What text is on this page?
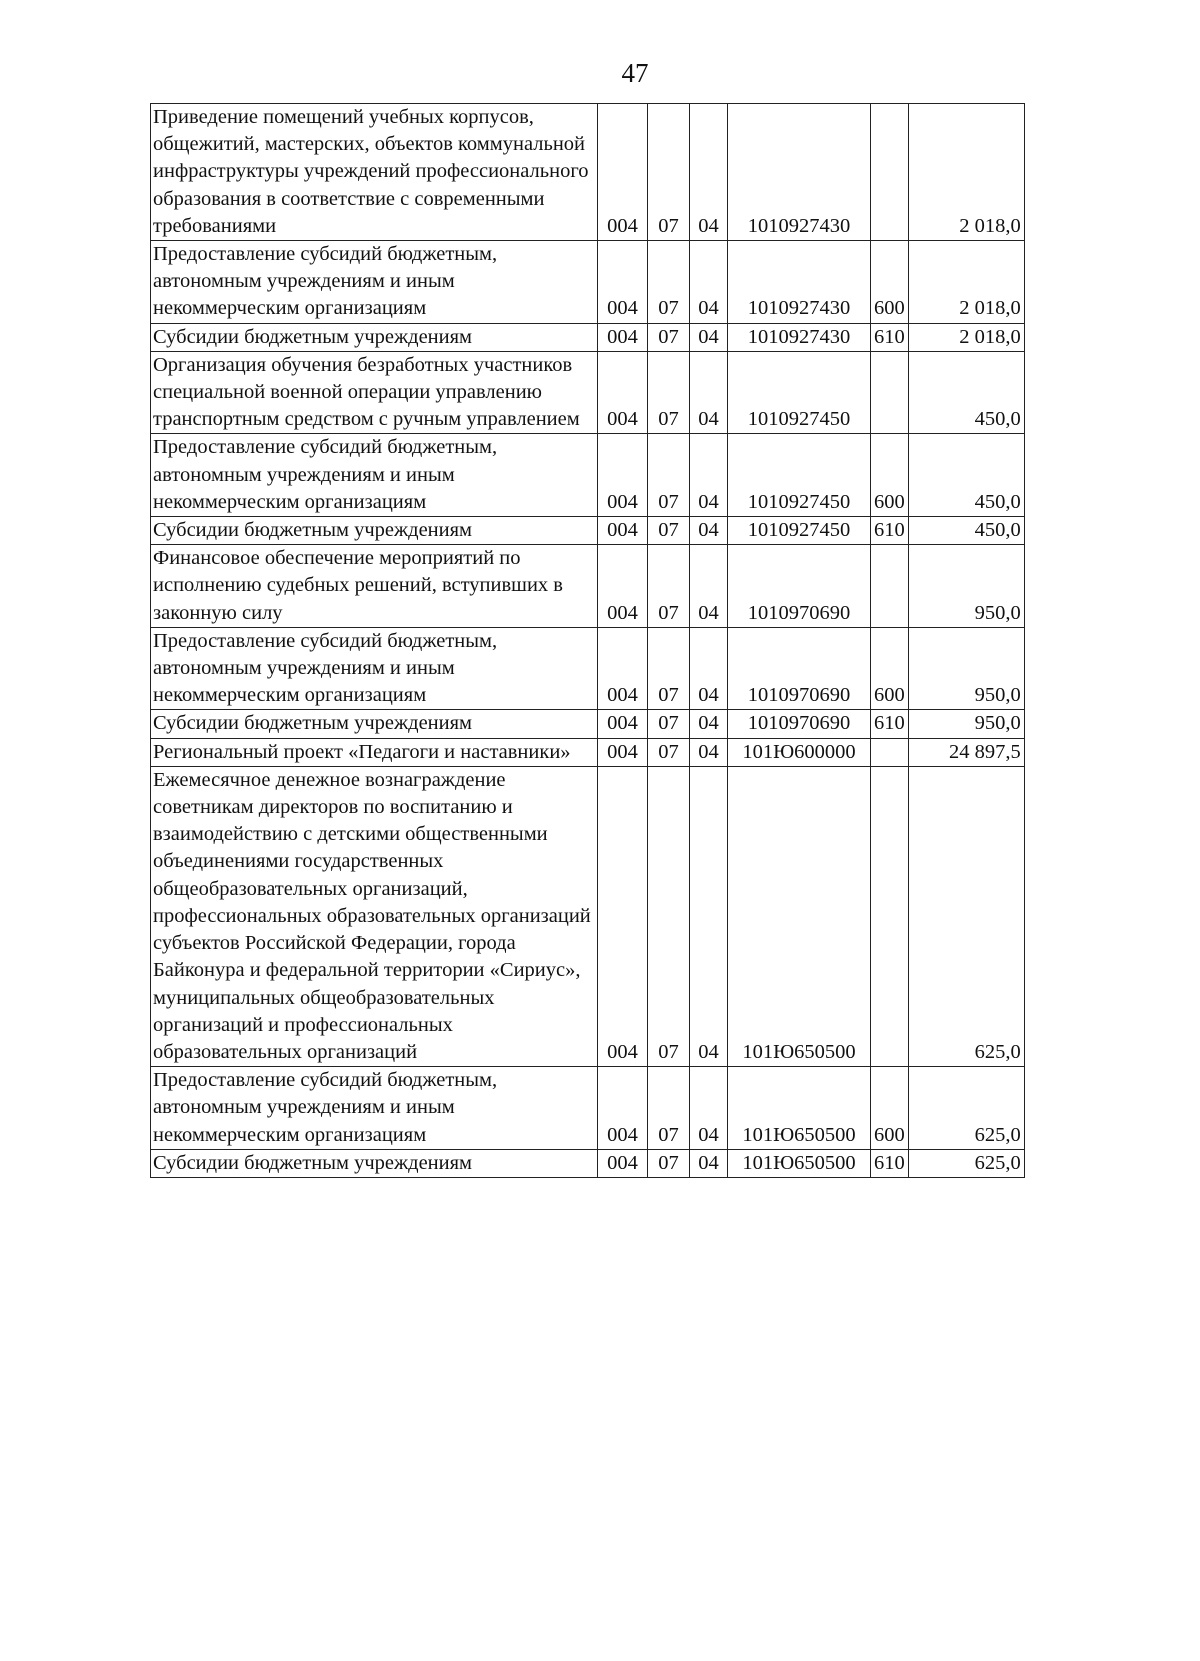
47
Приведение помещений учебных корпусов, общежитий, мастерских, объектов коммунальной инфраструктуры учреждений профессионального образования в соответствие с современными требованиями	004	07	04	1010927430		2 018,0
Предоставление субсидий бюджетным, автономным учреждениям и иным некоммерческим организациям	004	07	04	1010927430	600	2 018,0
Субсидии бюджетным учреждениям	004	07	04	1010927430	610	2 018,0
Организация обучения безработных участников специальной военной операции управлению транспортным средством с ручным управлением	004	07	04	1010927450		450,0
Предоставление субсидий бюджетным, автономным учреждениям и иным некоммерческим организациям	004	07	04	1010927450	600	450,0
Субсидии бюджетным учреждениям	004	07	04	1010927450	610	450,0
Финансовое обеспечение мероприятий по исполнению судебных решений, вступивших в законную силу	004	07	04	1010970690		950,0
Предоставление субсидий бюджетным, автономным учреждениям и иным некоммерческим организациям	004	07	04	1010970690	600	950,0
Субсидии бюджетным учреждениям	004	07	04	1010970690	610	950,0
Региональный проект «Педагоги и наставники»	004	07	04	101Ю600000		24 897,5
Ежемесячное денежное вознаграждение советникам директоров по воспитанию и взаимодействию с детскими общественными объединениями государственных общеобразовательных организаций, профессиональных образовательных организаций субъектов Российской Федерации, города Байконура и федеральной территории «Сириус», муниципальных общеобразовательных организаций и профессиональных образовательных организаций	004	07	04	101Ю650500		625,0
Предоставление субсидий бюджетным, автономным учреждениям и иным некоммерческим организациям	004	07	04	101Ю650500	600	625,0
Субсидии бюджетным учреждениям	004	07	04	101Ю650500	610	625,0
